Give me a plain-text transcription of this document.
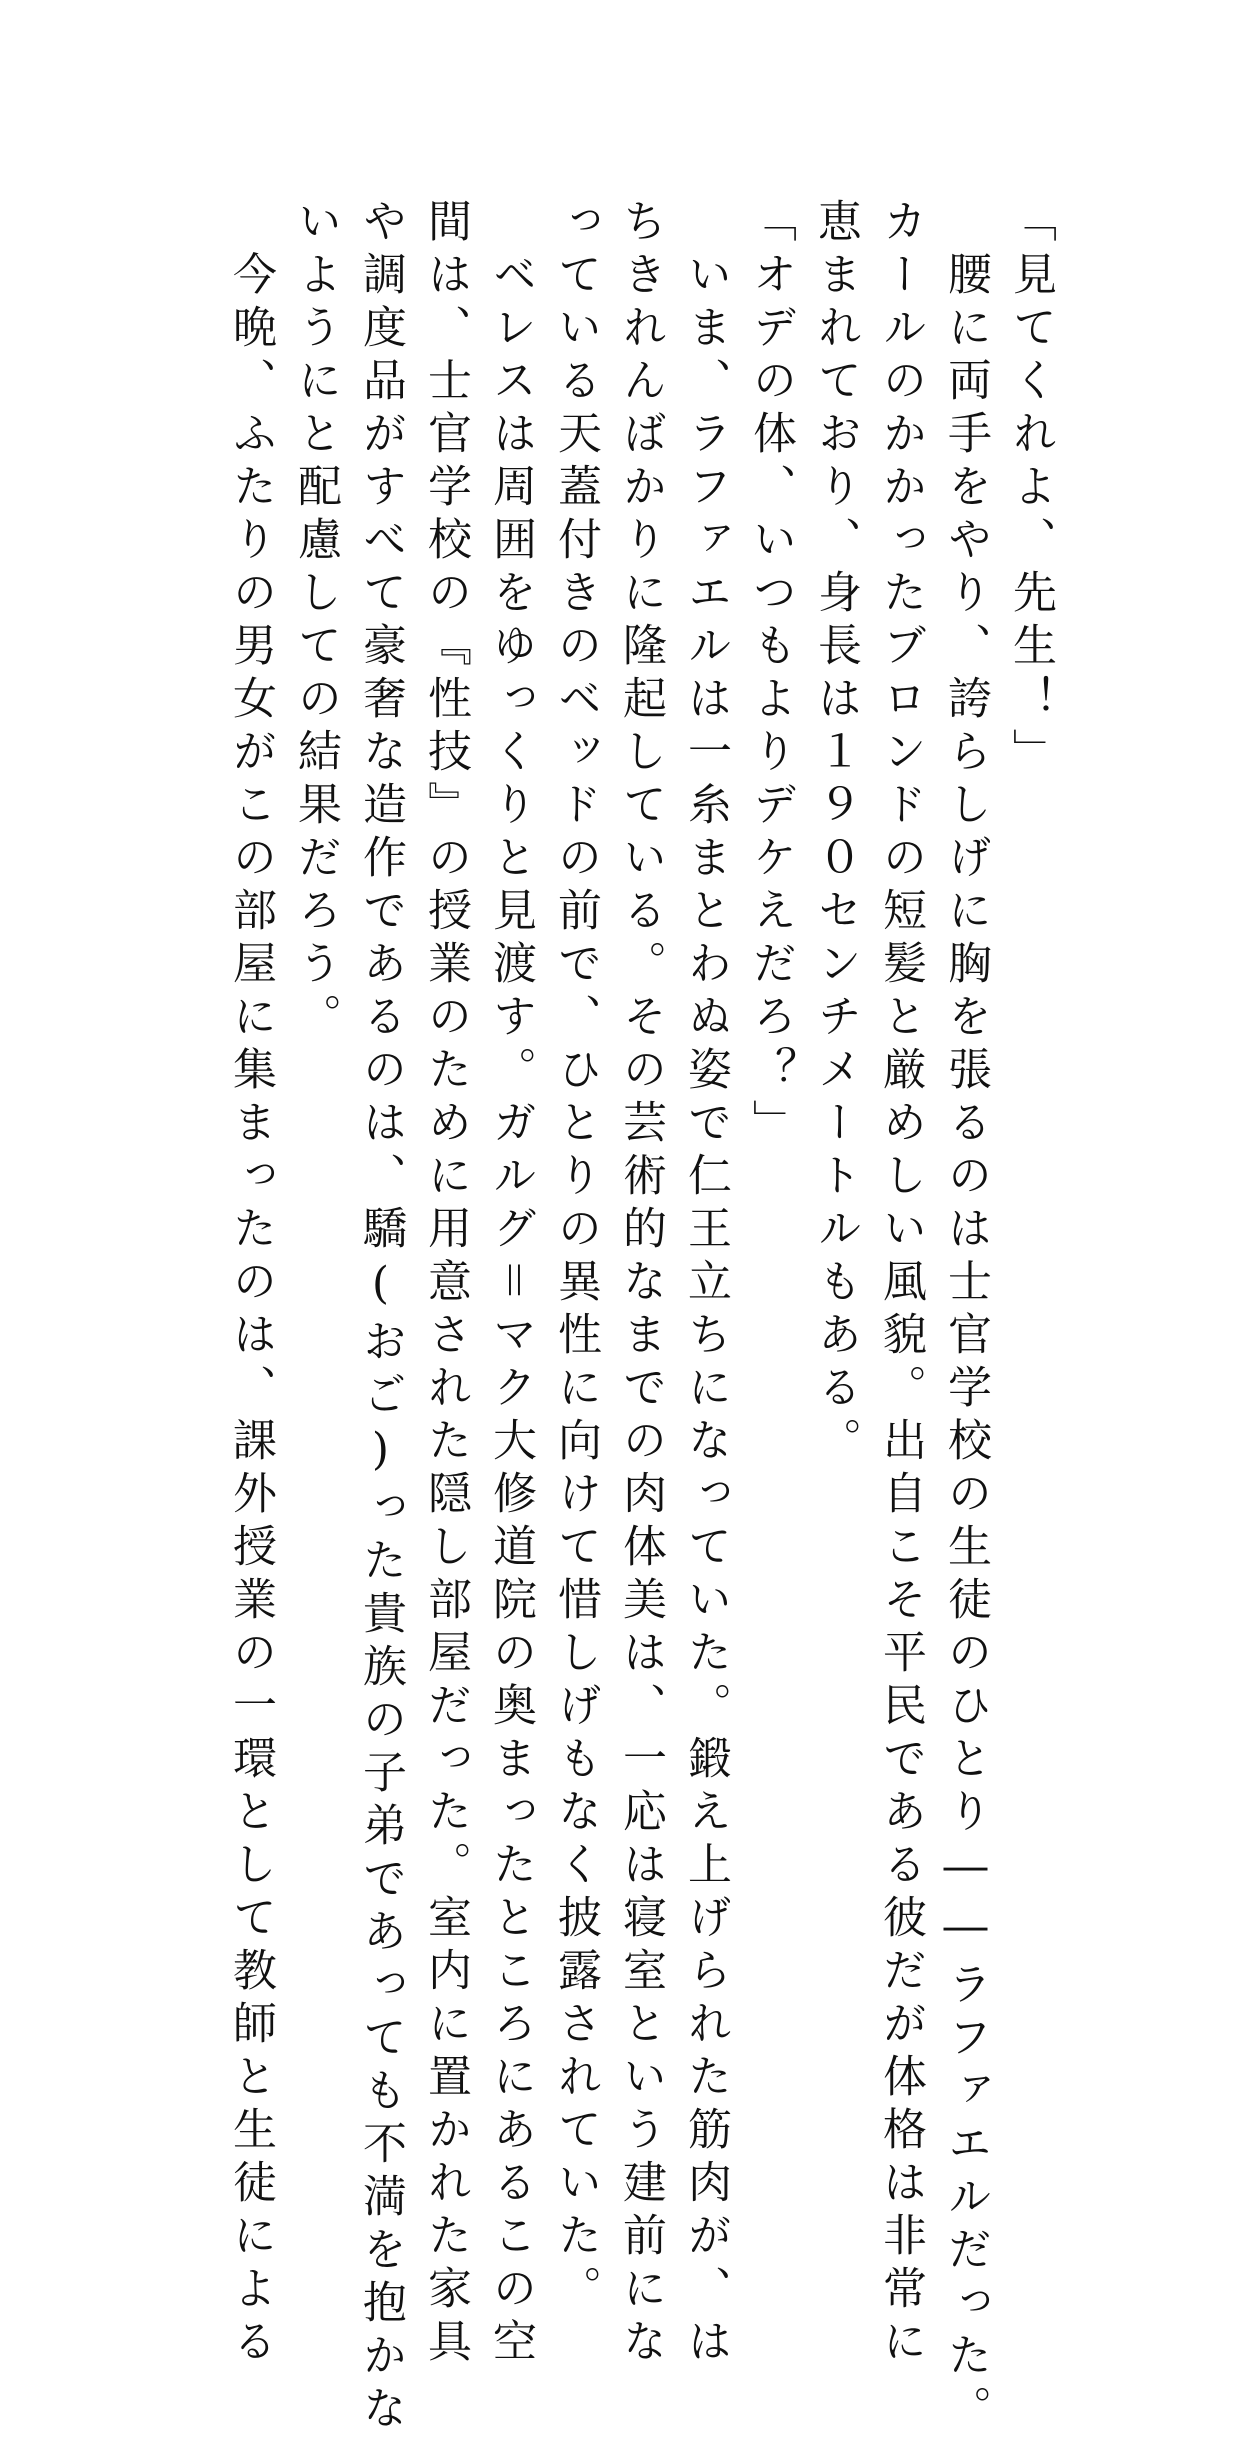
「見てくれよ、先生！」
　腰に両手をやり、誇らしげに胸を張るのは士官学校の生徒のひとり――ラファエルだった。
カールのかかったブロンドの短髪と厳めしい風貌。出自こそ平民である彼だが体格は非常に
恵まれており、身長は１９０センチメートルもある。
「オデの体、いつもよりデケえだろ？」
　いま、ラファエルは一糸まとわぬ姿で仁王立ちになっていた。鍛え上げられた筋肉が、は
ちきれんばかりに隆起している。その芸術的なまでの肉体美は、一応は寝室という建前にな
っている天蓋付きのベッドの前で、ひとりの異性に向けて惜しげもなく披露されていた。
　ベレスは周囲をゆっくりと見渡す。ガルグ＝マク大修道院の奥まったところにあるこの空
間は、士官学校の『性技』の授業のために用意された隠し部屋だった。室内に置かれた家具
や調度品がすべて豪奢な造作であるのは、驕(おご)った貴族の子弟であっても不満を抱かな
いようにと配慮しての結果だろう。
　今晩、ふたりの男女がこの部屋に集まったのは、課外授業の一環として教師と生徒による
